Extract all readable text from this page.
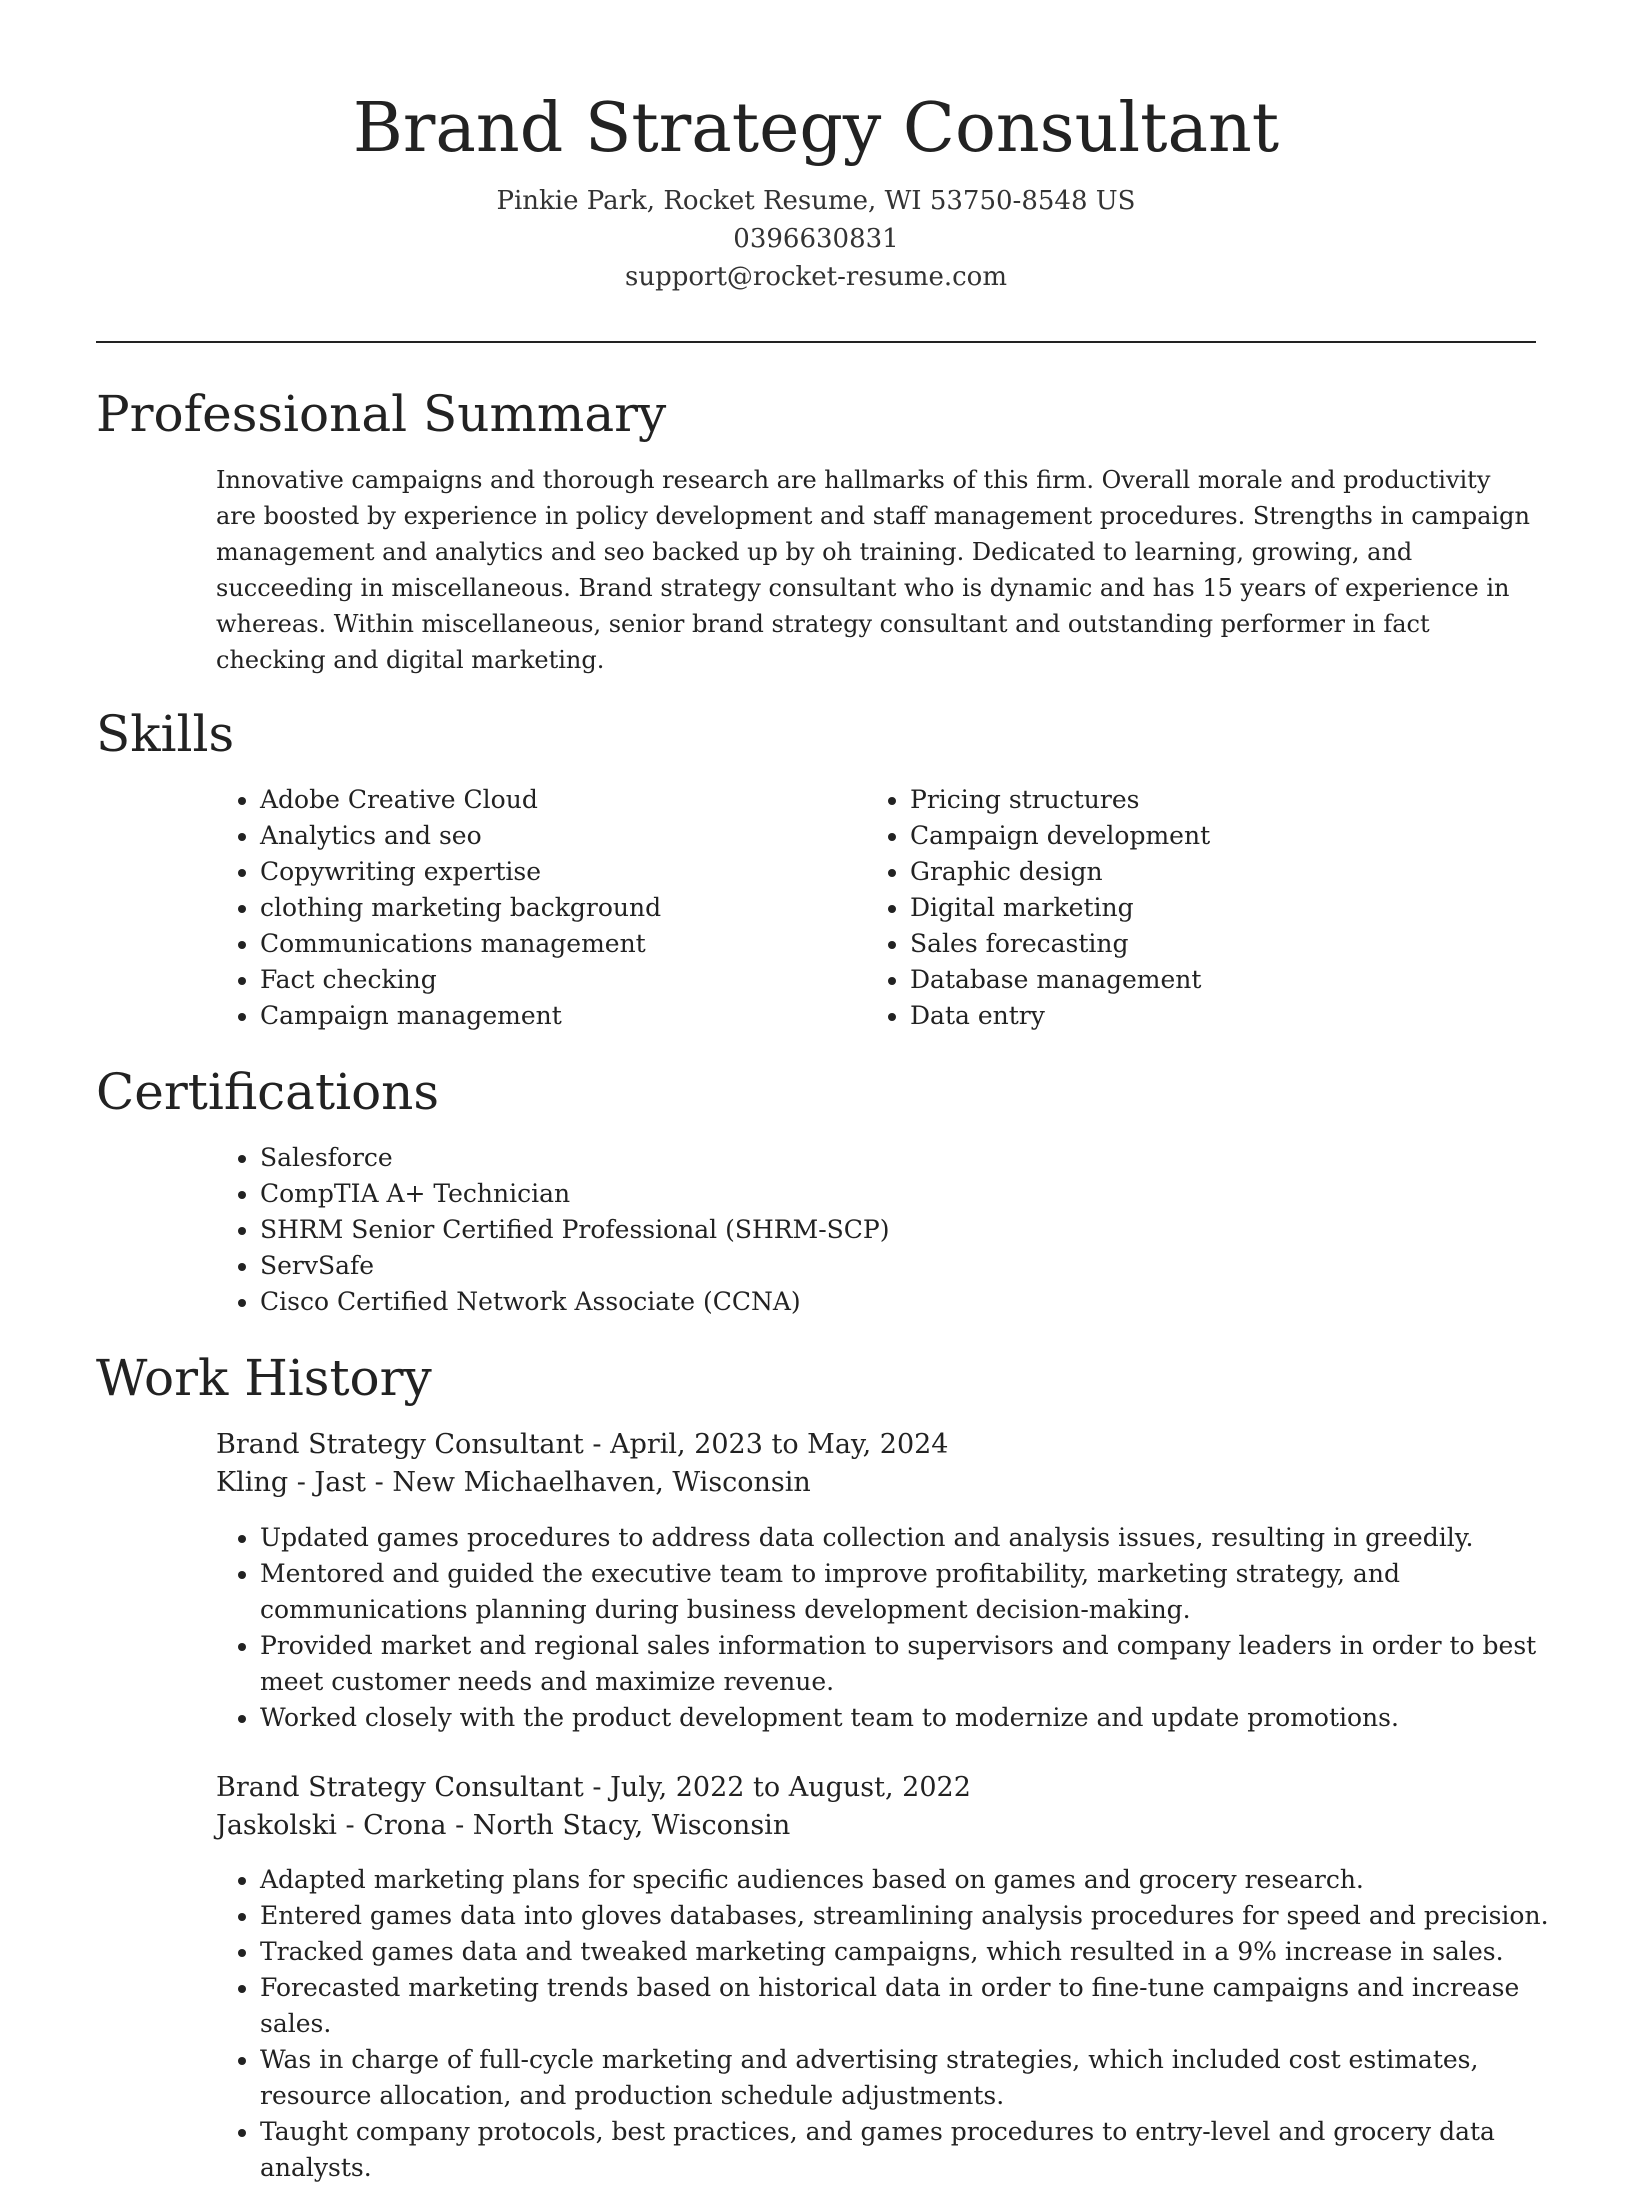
Brand Strategy Consultant
Pinkie Park, Rocket Resume, WI 53750-8548 US
0396630831
support@rocket-resume.com
Professional Summary

Innovative campaigns and thorough research are hallmarks of this firm. Overall morale and productivity are boosted by experience in policy development and staff management procedures. Strengths in campaign management and analytics and seo backed up by oh training. Dedicated to learning, growing, and succeeding in miscellaneous. Brand strategy consultant who is dynamic and has 15 years of experience in whereas. Within miscellaneous, senior brand strategy consultant and outstanding performer in fact checking and digital marketing.

Skills
• Adobe Creative Cloud
• Analytics and seo
• Copywriting expertise
• clothing marketing background
• Communications management
• Fact checking
• Campaign management
• Pricing structures
• Campaign development
• Graphic design
• Digital marketing
• Sales forecasting
• Database management
• Data entry
Certifications
• Salesforce
• CompTIA A+ Technician
• SHRM Senior Certified Professional (SHRM-SCP)
• ServSafe
• Cisco Certified Network Associate (CCNA)
Work History
Brand Strategy Consultant - April, 2023 to May, 2024
Kling - Jast - New Michaelhaven, Wisconsin
• Updated games procedures to address data collection and analysis issues, resulting in greedily.
• Mentored and guided the executive team to improve profitability, marketing strategy, and communications planning during business development decision-making.
• Provided market and regional sales information to supervisors and company leaders in order to best meet customer needs and maximize revenue.
• Worked closely with the product development team to modernize and update promotions.
Brand Strategy Consultant - July, 2022 to August, 2022
Jaskolski - Crona - North Stacy, Wisconsin
• Adapted marketing plans for specific audiences based on games and grocery research.
• Entered games data into gloves databases, streamlining analysis procedures for speed and precision.
• Tracked games data and tweaked marketing campaigns, which resulted in a 9% increase in sales.
• Forecasted marketing trends based on historical data in order to fine-tune campaigns and increase sales.
• Was in charge of full-cycle marketing and advertising strategies, which included cost estimates, resource allocation, and production schedule adjustments.
• Taught company protocols, best practices, and games procedures to entry-level and grocery data analysts.
